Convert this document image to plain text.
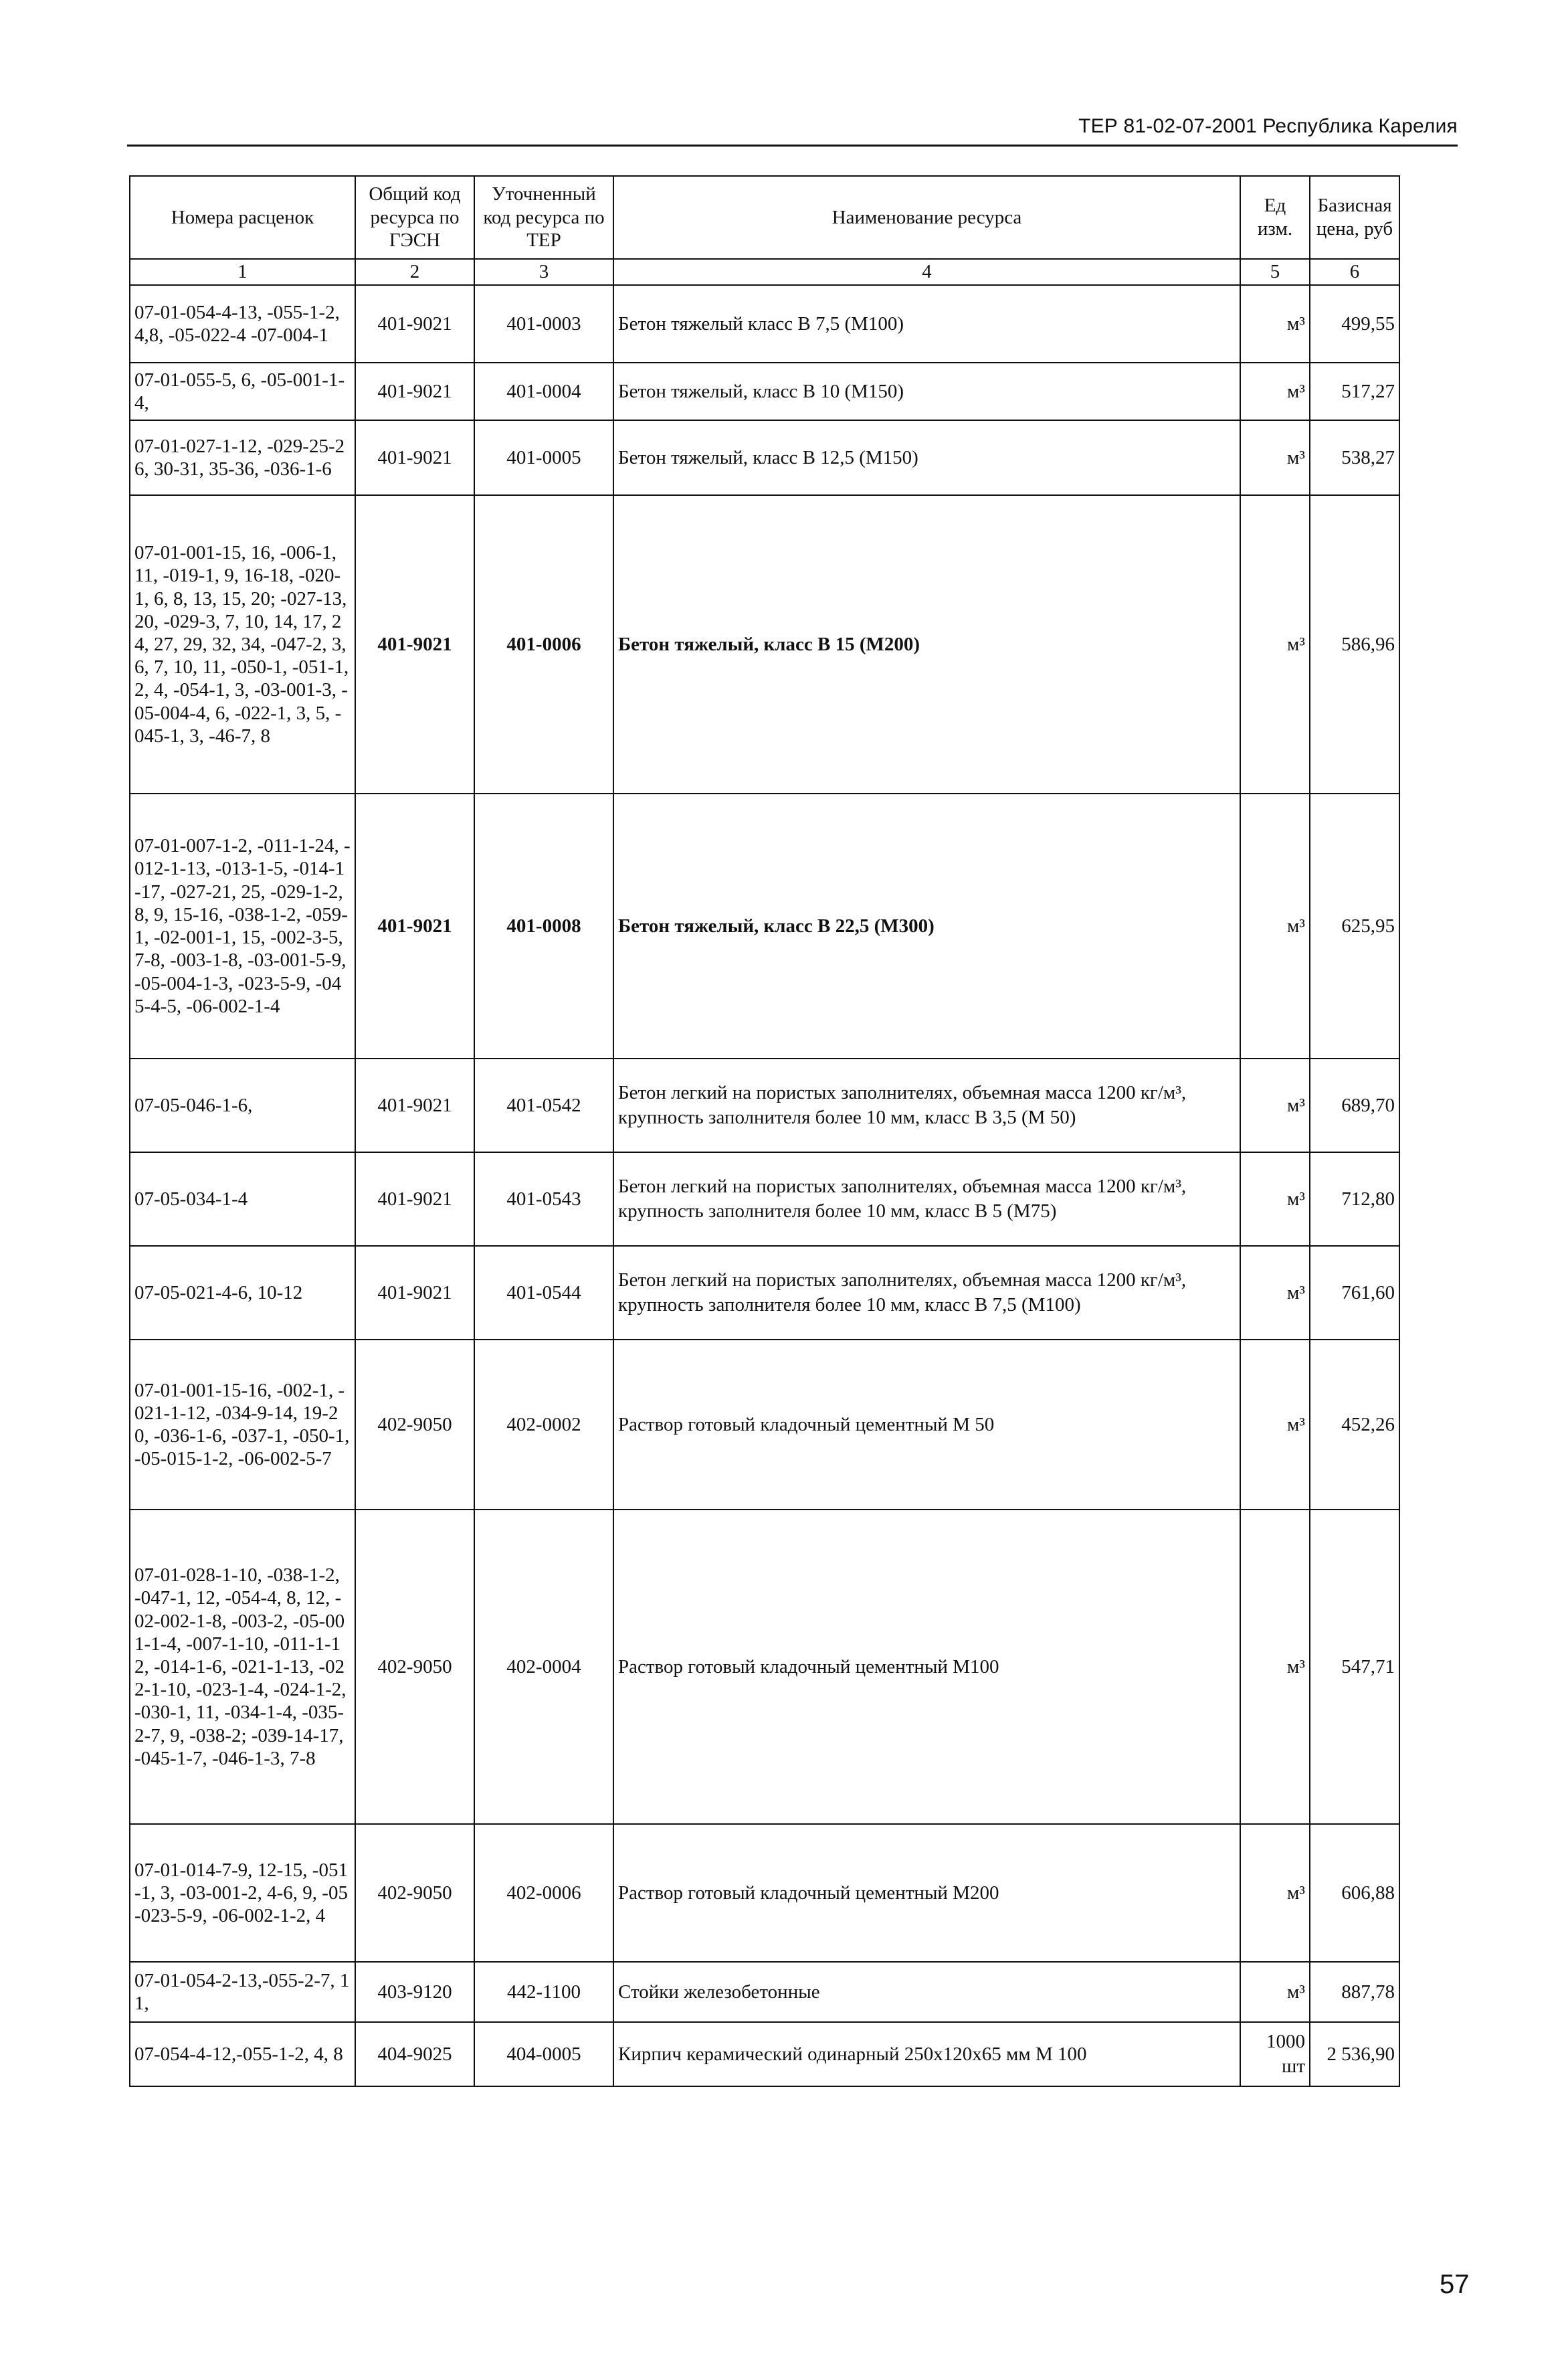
ТЕР 81-02-07-2001 Республика Карелия
Номера расценок	Общий код ресурса по ГЭСН	Уточненный код ресурса по ТЕР	Наименование ресурса	Ед изм.	Базисная цена, руб
1	2	3	4	5	6
07-01-054-4-13, -055-1-2,4,8, -05-022-4 -07-004-1	401-9021	401-0003	Бетон тяжелый класс В 7,5 (М100)	м³	499,55
07-01-055-5, 6, -05-001-1-4,	401-9021	401-0004	Бетон тяжелый, класс В 10 (М150)	м³	517,27
07-01-027-1-12, -029-25-26, 30-31, 35-36, -036-1-6	401-9021	401-0005	Бетон тяжелый, класс В 12,5 (М150)	м³	538,27
07-01-001-15, 16, -006-1, 11, -019-1, 9, 16-18, -020-1, 6, 8, 13, 15, 20; -027-13, 20, -029-3, 7, 10, 14, 17, 24, 27, 29, 32, 34, -047-2, 3, 6, 7, 10, 11, -050-1, -051-1, 2, 4, -054-1, 3, -03-001-3, -05-004-4, 6, -022-1, 3, 5, -045-1, 3, -46-7, 8	401-9021	401-0006	Бетон тяжелый, класс В 15 (М200)	м³	586,96
07-01-007-1-2, -011-1-24, -012-1-13, -013-1-5, -014-1-17, -027-21, 25, -029-1-2, 8, 9, 15-16, -038-1-2, -059-1, -02-001-1, 15, -002-3-5, 7-8, -003-1-8, -03-001-5-9, -05-004-1-3, -023-5-9, -045-4-5, -06-002-1-4	401-9021	401-0008	Бетон тяжелый, класс В 22,5 (М300)	м³	625,95
07-05-046-1-6,	401-9021	401-0542	Бетон легкий на пористых заполнителях, объемная масса 1200 кг/м³, крупность заполнителя более 10 мм, класс В 3,5 (М 50)	м³	689,70
07-05-034-1-4	401-9021	401-0543	Бетон легкий на пористых заполнителях, объемная масса 1200 кг/м³, крупность заполнителя более 10 мм, класс В 5 (М75)	м³	712,80
07-05-021-4-6, 10-12	401-9021	401-0544	Бетон легкий на пористых заполнителях, объемная масса 1200 кг/м³, крупность заполнителя более 10 мм, класс В 7,5 (М100)	м³	761,60
07-01-001-15-16, -002-1, -021-1-12, -034-9-14, 19-20, -036-1-6, -037-1, -050-1, -05-015-1-2, -06-002-5-7	402-9050	402-0002	Раствор готовый кладочный цементный М 50	м³	452,26
07-01-028-1-10, -038-1-2, -047-1, 12, -054-4, 8, 12, -02-002-1-8, -003-2, -05-001-1-4, -007-1-10, -011-1-12, -014-1-6, -021-1-13, -022-1-10, -023-1-4, -024-1-2, -030-1, 11, -034-1-4, -035-2-7, 9, -038-2; -039-14-17, -045-1-7, -046-1-3, 7-8	402-9050	402-0004	Раствор готовый кладочный цементный М100	м³	547,71
07-01-014-7-9, 12-15, -051-1, 3, -03-001-2, 4-6, 9, -05-023-5-9, -06-002-1-2, 4	402-9050	402-0006	Раствор готовый кладочный цементный М200	м³	606,88
07-01-054-2-13,-055-2-7, 11,	403-9120	442-1100	Стойки железобетонные	м³	887,78
07-054-4-12,-055-1-2, 4, 8	404-9025	404-0005	Кирпич керамический одинарный 250х120х65 мм М 100	1000 шт	2 536,90
57
